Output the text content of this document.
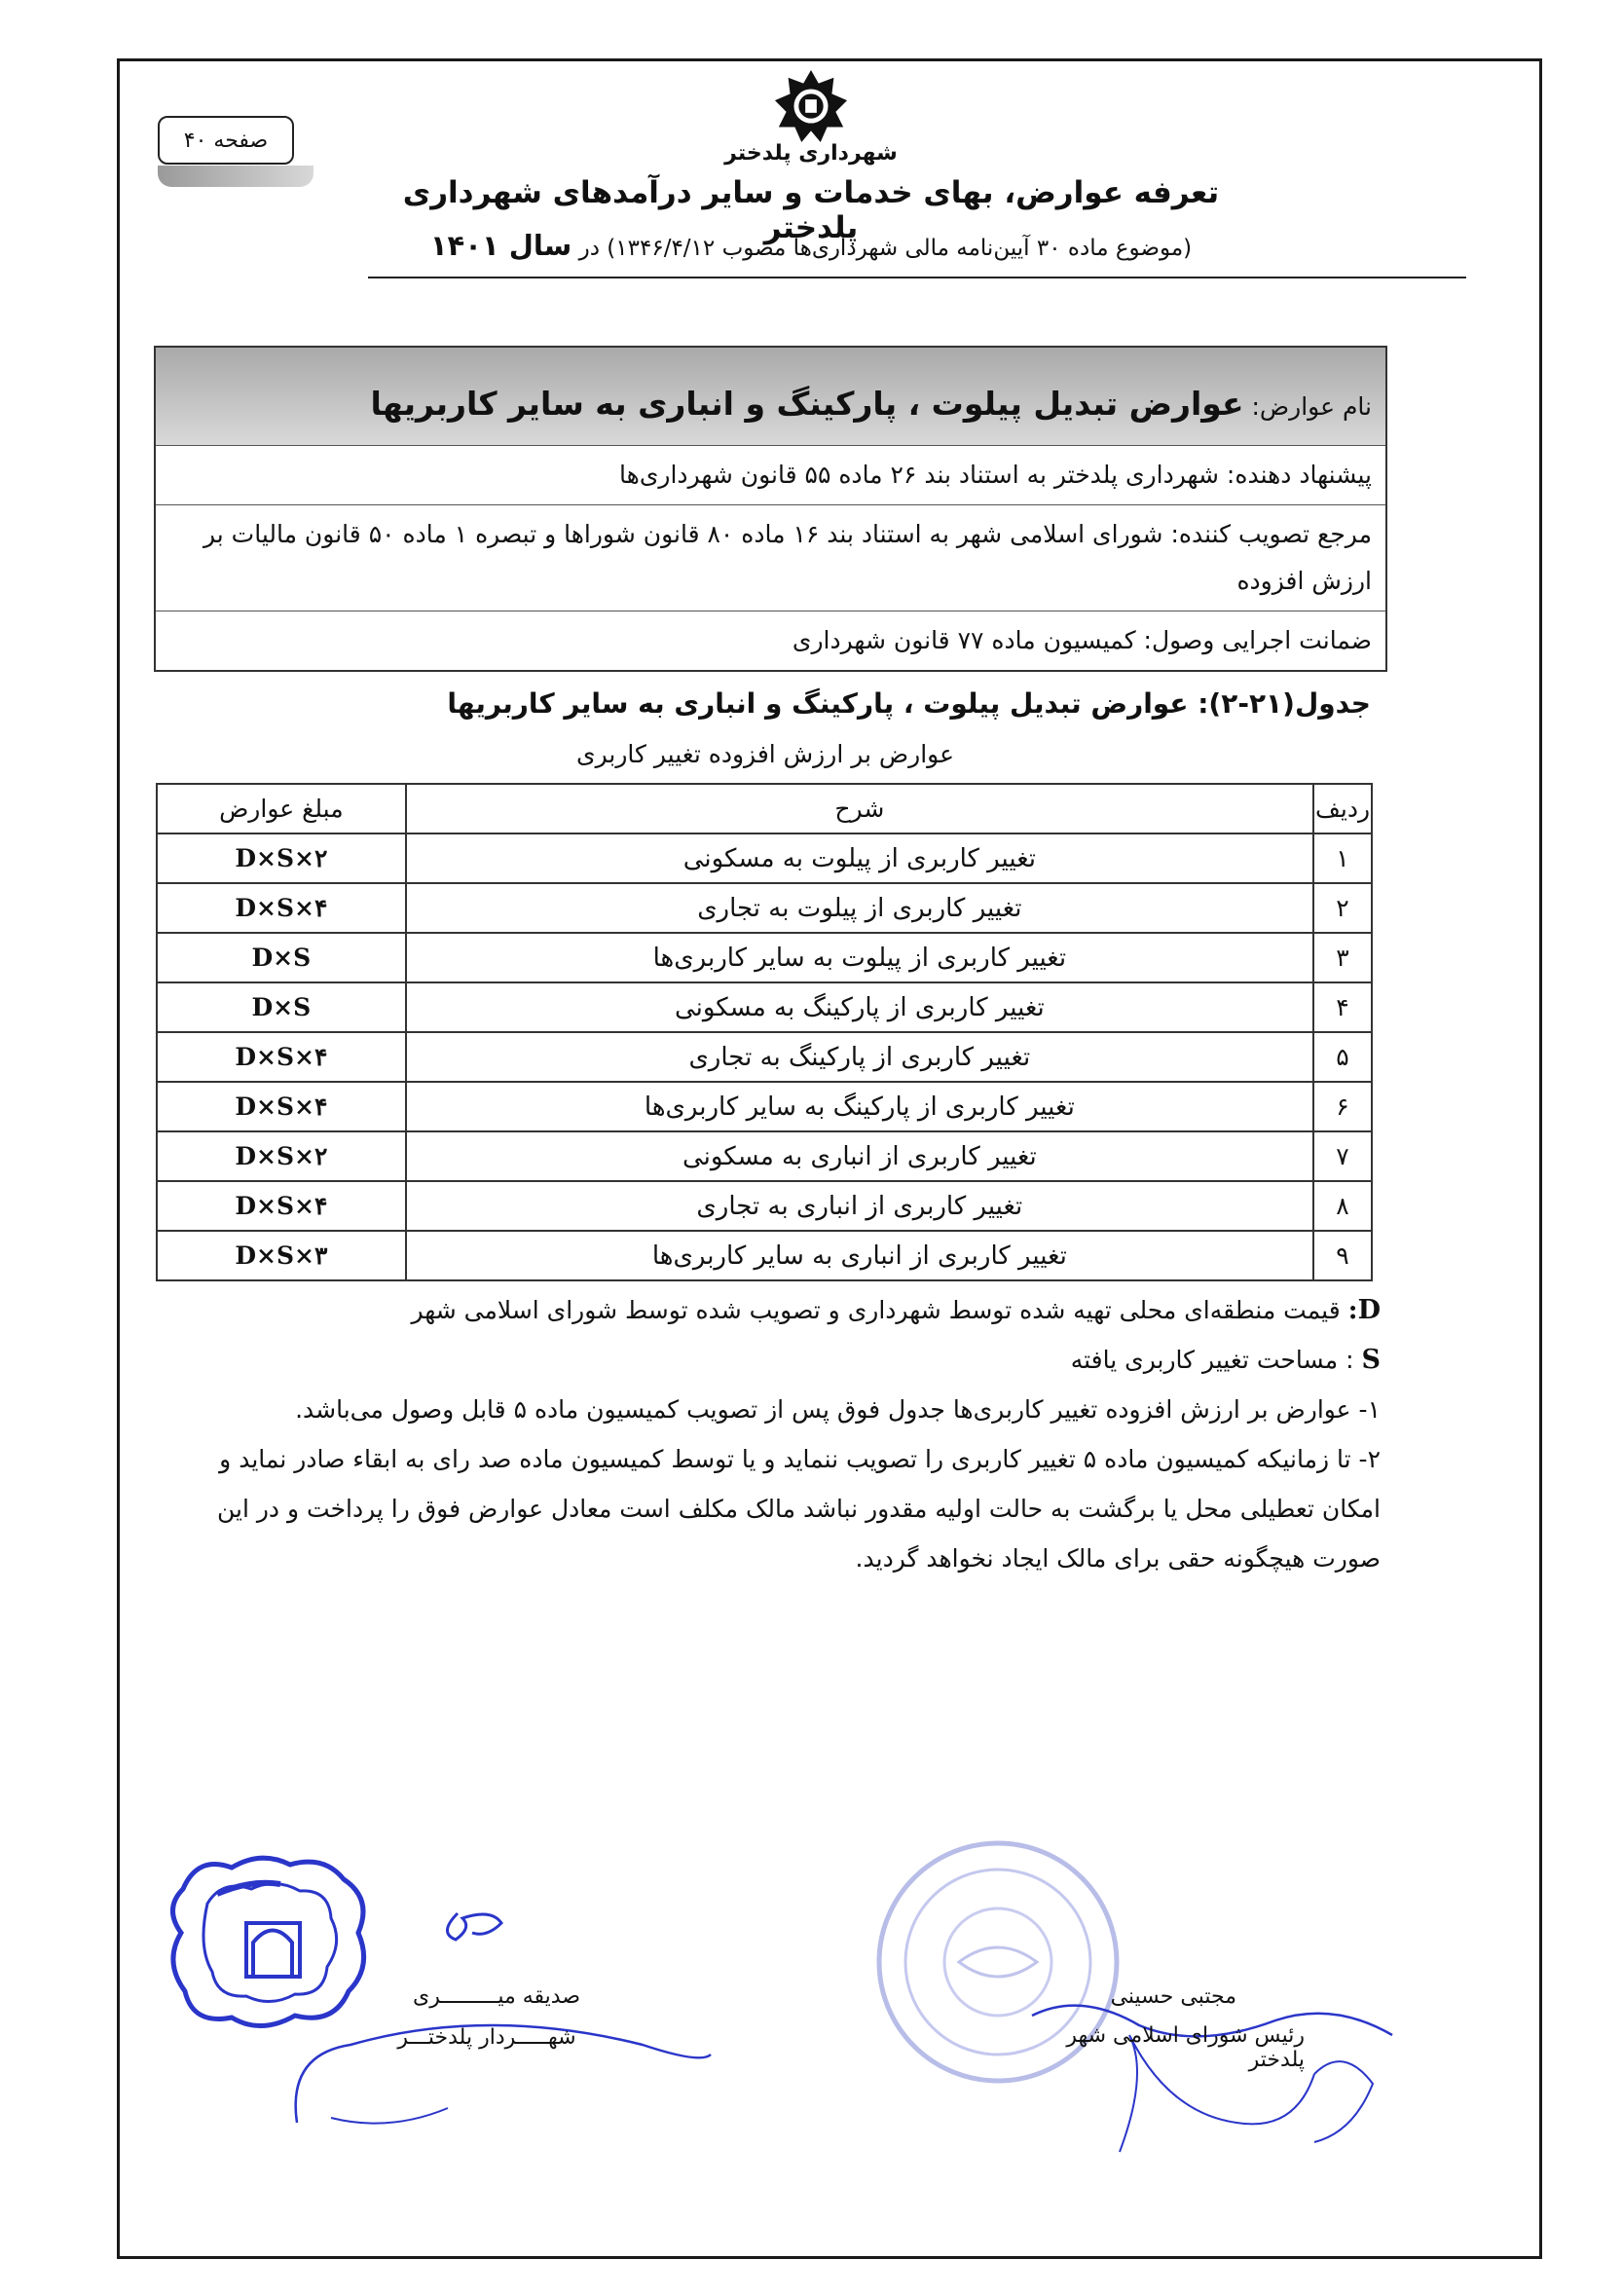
صفحه ۴۰
شهرداری پلدختر
تعرفه عوارض، بهای خدمات و سایر درآمدهای شهرداری پلدختر
(موضوع ماده ۳۰ آیین‌نامه مالی شهرداری‌ها مصوب ۱۳۴۶/۴/۱۲) در سال ۱۴۰۱
نام عوارض: عوارض تبدیل پیلوت ، پارکینگ و انباری به سایر کاربریها
پیشنهاد دهنده: شهرداری پلدختر به استناد بند ۲۶ ماده ۵۵ قانون شهرداری‌ها
مرجع تصویب کننده: شورای اسلامی شهر به استناد بند ۱۶ ماده ۸۰ قانون شوراها و تبصره ۱ ماده ۵۰ قانون مالیات بر ارزش افزوده
ضمانت اجرایی وصول: کمیسیون ماده ۷۷ قانون شهرداری
جدول(۲۱-۲): عوارض تبدیل پیلوت ، پارکینگ و انباری به سایر کاربریها
عوارض بر ارزش افزوده تغییر کاربری
ردیف	شرح	مبلغ عوارض
۱	تغییر کاربری از پیلوت به مسکونی	۲×D×S
۲	تغییر کاربری از پیلوت به تجاری	۴×D×S
۳	تغییر کاربری از پیلوت به سایر کاربری‌ها	D×S
۴	تغییر کاربری از پارکینگ به مسکونی	D×S
۵	تغییر کاربری از پارکینگ به تجاری	۴×D×S
۶	تغییر کاربری از پارکینگ به سایر کاربری‌ها	۴×D×S
۷	تغییر کاربری از انباری به مسکونی	۲×D×S
۸	تغییر کاربری از انباری به تجاری	۴×D×S
۹	تغییر کاربری از انباری به سایر کاربری‌ها	۳×D×S

D: قیمت منطقه‌ای محلی تهیه شده توسط شهرداری و تصویب شده توسط شورای اسلامی شهر

S : مساحت تغییر کاربری یافته

۱- عوارض بر ارزش افزوده تغییر کاربری‌ها جدول فوق پس از تصویب کمیسیون ماده ۵ قابل وصول می‌باشد.

۲- تا زمانیکه کمیسیون ماده ۵ تغییر کاربری را تصویب ننماید و یا توسط کمیسیون ماده صد رای به ابقاء صادر نماید و امکان تعطیلی محل یا برگشت به حالت اولیه مقدور نباشد مالک مکلف است معادل عوارض فوق را پرداخت و در این صورت هیچگونه حقی برای مالک ایجاد نخواهد گردید.

صدیقه میـــــــــری
شهـــــردار پلدختـــر
مجتبی حسینی
رئیس شورای اسلامی شهر پلدختر
